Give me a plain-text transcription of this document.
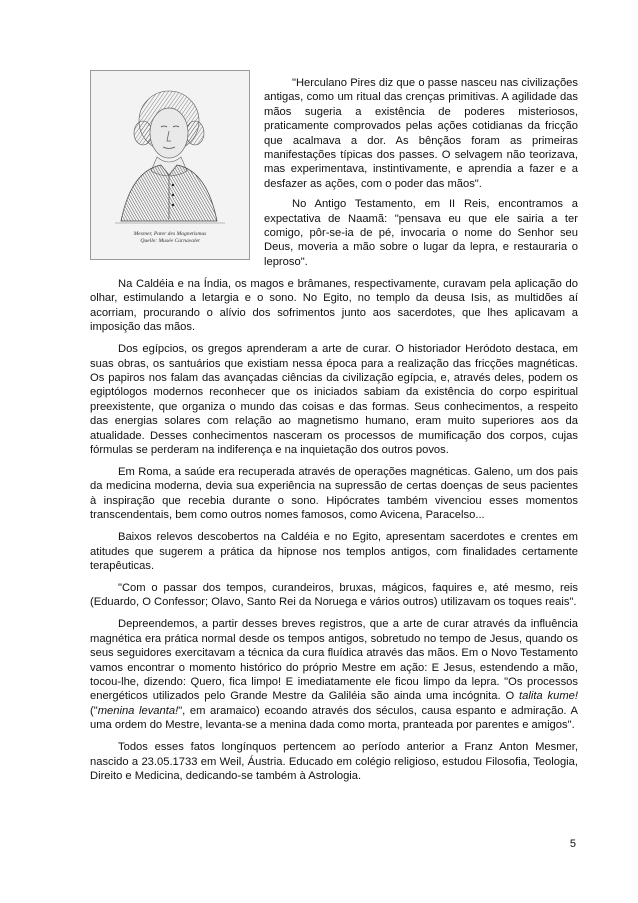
Mesmer, Pater des Magnetismus
Quelle: Musée Carnavalet

"Herculano Pires diz que o passe nasceu nas civilizações antigas, como um ritual das crenças primitivas. A agilidade das mãos sugeria a existência de poderes misteriosos, praticamente comprovados pelas ações cotidianas da fricção que acalmava a dor. As bênçãos foram as primeiras manifestações típicas dos passes. O selvagem não teorizava, mas experimentava, instintivamente, e aprendia a fazer e a desfazer as ações, com o poder das mãos".

No Antigo Testamento, em II Reis, encontramos a expectativa de Naamã: "pensava eu que ele sairia a ter comigo, pôr-se-ia de pé, invocaria o nome do Senhor seu Deus, moveria a mão sobre o lugar da lepra, e restauraria o leproso".

Na Caldéia e na Índia, os magos e brâmanes, respectivamente, curavam pela aplicação do olhar, estimulando a letargia e o sono. No Egito, no templo da deusa Isis, as multidões aí acorriam, procurando o alívio dos sofrimentos junto aos sacerdotes, que lhes aplicavam a imposição das mãos.

Dos egípcios, os gregos aprenderam a arte de curar. O historiador Heródoto destaca, em suas obras, os santuários que existiam nessa época para a realização das fricções magnéticas. Os papiros nos falam das avançadas ciências da civilização egípcia, e, através deles, podem os egiptólogos modernos reconhecer que os iniciados sabiam da existência do corpo espiritual preexistente, que organiza o mundo das coisas e das formas. Seus conhecimentos, a respeito das energias solares com relação ao magnetismo humano, eram muito superiores aos da atualidade. Desses conhecimentos nasceram os processos de mumificação dos corpos, cujas fórmulas se perderam na indiferença e na inquietação dos outros povos.

Em Roma, a saúde era recuperada através de operações magnéticas. Galeno, um dos pais da medicina moderna, devia sua experiência na supressão de certas doenças de seus pacientes à inspiração que recebia durante o sono. Hipócrates também vivenciou esses momentos transcendentais, bem como outros nomes famosos, como Avicena, Paracelso...

Baixos relevos descobertos na Caldéia e no Egito, apresentam sacerdotes e crentes em atitudes que sugerem a prática da hipnose nos templos antigos, com finalidades certamente terapêuticas.

"Com o passar dos tempos, curandeiros, bruxas, mágicos, faquires e, até mesmo, reis (Eduardo, O Confessor; Olavo, Santo Rei da Noruega e vários outros) utilizavam os toques reais".

Depreendemos, a partir desses breves registros, que a arte de curar através da influência magnética era prática normal desde os tempos antigos, sobretudo no tempo de Jesus, quando os seus seguidores exercitavam a técnica da cura fluídica através das mãos. Em o Novo Testamento vamos encontrar o momento histórico do próprio Mestre em ação: E Jesus, estendendo a mão, tocou-lhe, dizendo: Quero, fica limpo! E imediatamente ele ficou limpo da lepra. "Os processos energéticos utilizados pelo Grande Mestre da Galiléia são ainda uma incógnita. O talita kume! ("menina levanta!", em aramaico) ecoando através dos séculos, causa espanto e admiração. A uma ordem do Mestre, levanta-se a menina dada como morta, pranteada por parentes e amigos".

Todos esses fatos longínquos pertencem ao período anterior a Franz Anton Mesmer, nascido a 23.05.1733 em Weil, Áustria. Educado em colégio religioso, estudou Filosofia, Teologia, Direito e Medicina, dedicando-se também à Astrologia.

5
